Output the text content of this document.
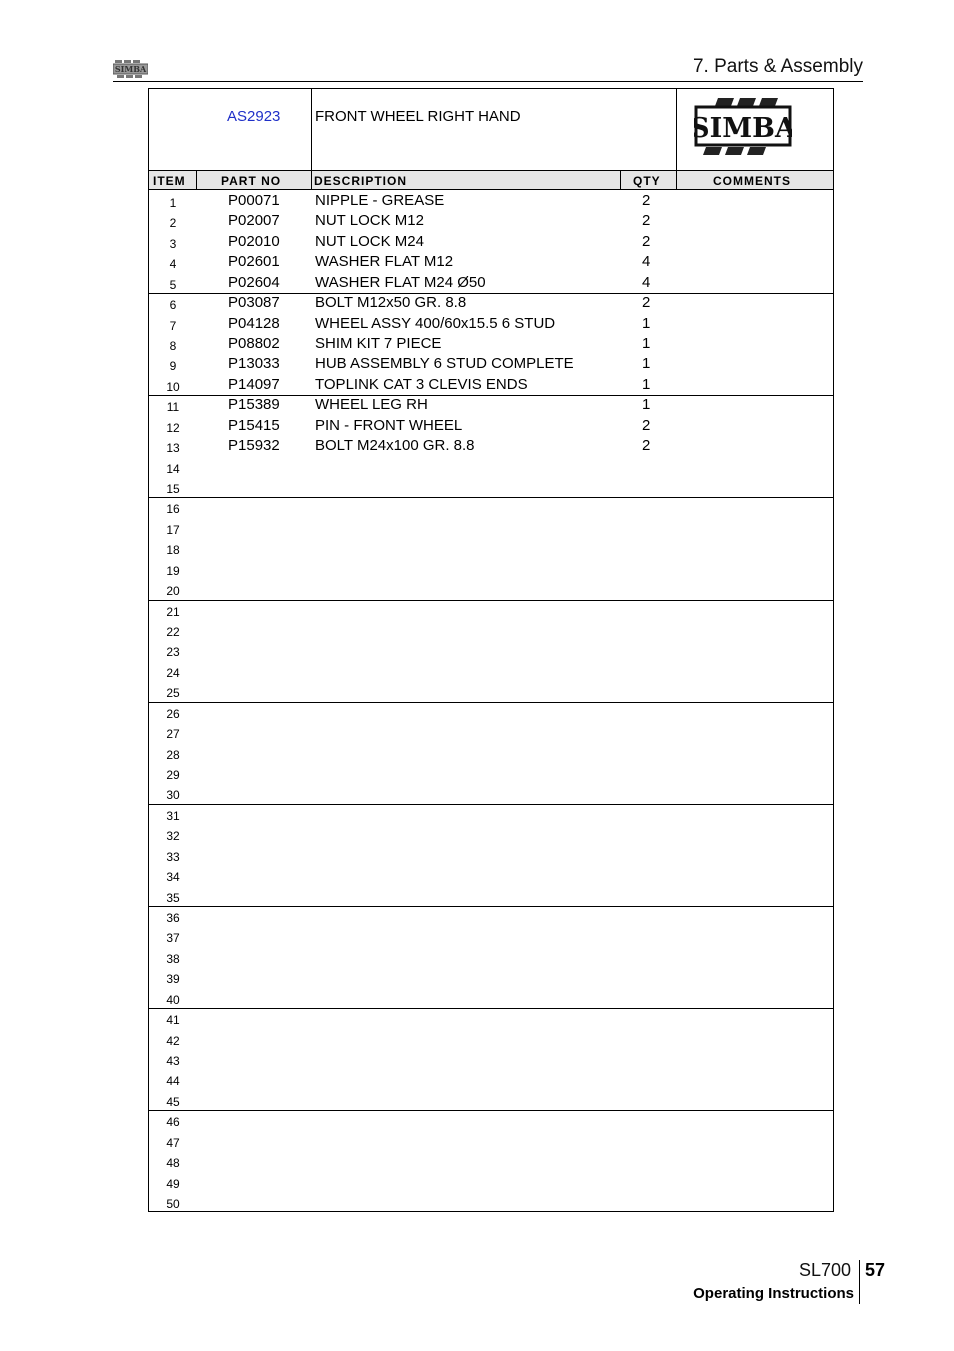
SIMBA	7. Parts & Assembly
AS2923 FRONT WHEEL RIGHT HAND	SIMBA
ITEM	PART NO	DESCRIPTION	QTY	COMMENTS
1	P00071 NIPPLE - GREASE	2
2	P02007 NUT LOCK M12	2
3	P02010 NUT LOCK M24	2
4	P02601 WASHER FLAT M12	4
5	P02604 WASHER FLAT M24 Ø50	4
6	P03087 BOLT M12x50 GR. 8.8	2
7	P04128 WHEEL ASSY 400/60x15.5 6 STUD	1
8	P08802 SHIM KIT 7 PIECE	1
9	P13033 HUB ASSEMBLY 6 STUD COMPLETE	1
10	P14097 TOPLINK CAT 3 CLEVIS ENDS	1
11	P15389 WHEEL LEG RH	1
12	P15415 PIN - FRONT WHEEL	2
13	P15932 BOLT M24x100 GR. 8.8	2
14
15
16
17
18
19
20
21
22
23
24
25
26
27
28
29
30
31
32
33
34
35
36
37
38
39
40
41
42
43
44
45
46
47
48
49
50
SL700 57
Operating Instructions
